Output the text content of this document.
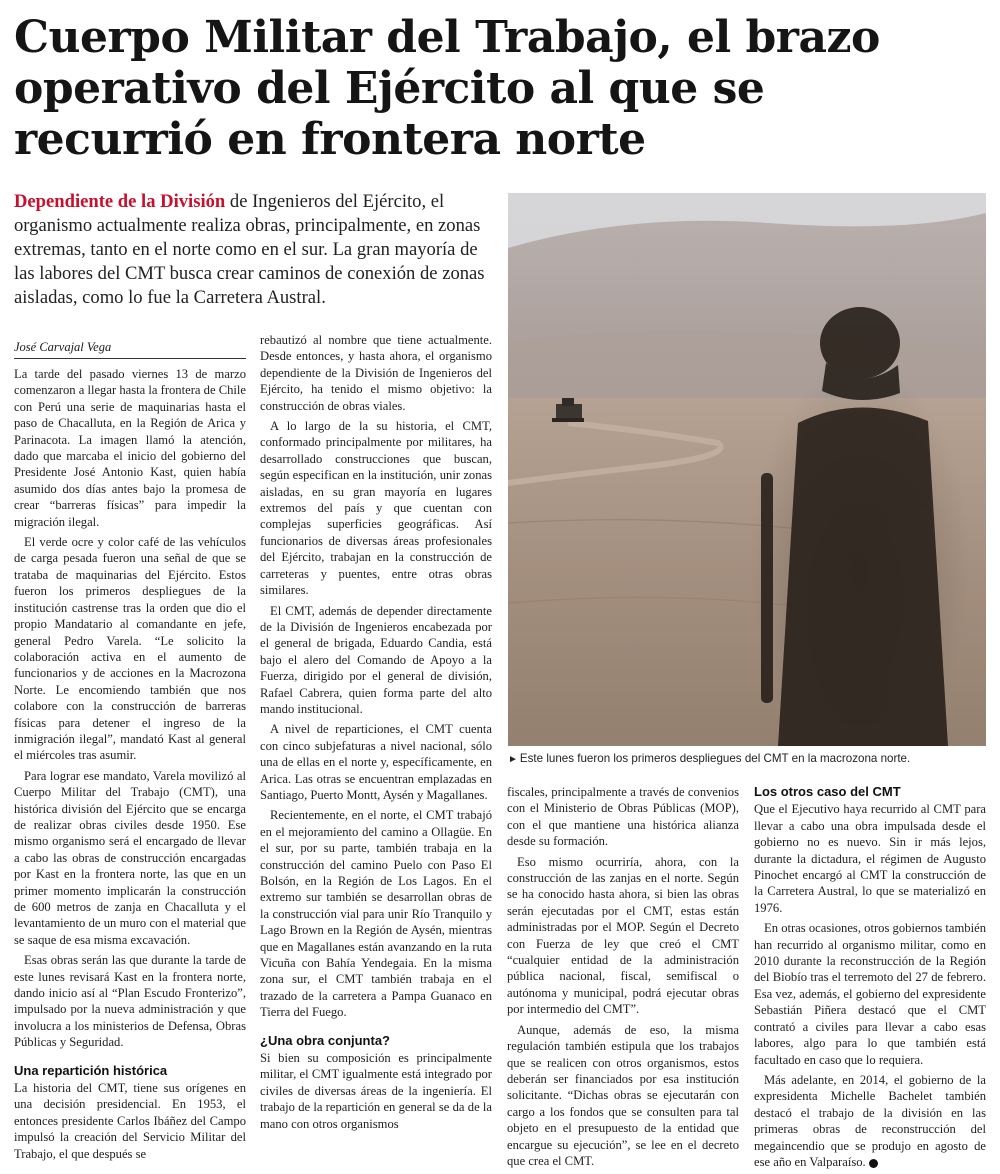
Cuerpo Militar del Trabajo, el brazo operativo del Ejército al que se recurrió en frontera norte
Dependiente de la División de Ingenieros del Ejército, el organismo actualmente realiza obras, principalmente, en zonas extremas, tanto en el norte como en el sur. La gran mayoría de las labores del CMT busca crear caminos de conexión de zonas aisladas, como lo fue la Carretera Austral.
► Este lunes fueron los primeros despliegues del CMT en la macrozona norte.
José Carvajal Vega

La tarde del pasado viernes 13 de marzo comenzaron a llegar hasta la frontera de Chile con Perú una serie de maquinarias hasta el paso de Chacalluta, en la Región de Arica y Parinacota. La imagen llamó la atención, dado que marcaba el inicio del gobierno del Presidente José Antonio Kast, quien había asumido dos días antes bajo la promesa de crear “barreras físicas” para impedir la migración ilegal.

El verde ocre y color café de las vehículos de carga pesada fueron una señal de que se trataba de maquinarias del Ejército. Estos fueron los primeros despliegues de la institución castrense tras la orden que dio el propio Mandatario al comandante en jefe, general Pedro Varela. “Le solicito la colaboración activa en el aumento de funcionarios y de acciones en la Macrozona Norte. Le encomiendo también que nos colabore con la construcción de barreras físicas para detener el ingreso de la inmigración ilegal”, mandató Kast al general el miércoles tras asumir.

Para lograr ese mandato, Varela movilizó al Cuerpo Militar del Trabajo (CMT), una histórica división del Ejército que se encarga de realizar obras civiles desde 1950. Ese mismo organismo será el encargado de llevar a cabo las obras de construcción encargadas por Kast en la frontera norte, las que en un primer momento implicarán la construcción de 600 metros de zanja en Chacalluta y el levantamiento de un muro con el material que se saque de esa misma excavación.

Esas obras serán las que durante la tarde de este lunes revisará Kast en la frontera norte, dando inicio así al “Plan Escudo Fronterizo”, impulsado por la nueva administración y que involucra a los ministerios de Defensa, Obras Públicas y Seguridad.

Una repartición histórica

La historia del CMT, tiene sus orígenes en una decisión presidencial. En 1953, el entonces presidente Carlos Ibáñez del Campo impulsó la creación del Servicio Militar del Trabajo, el que después se

rebautizó al nombre que tiene actualmente. Desde entonces, y hasta ahora, el organismo dependiente de la División de Ingenieros del Ejército, ha tenido el mismo objetivo: la construcción de obras viales.

A lo largo de la su historia, el CMT, conformado principalmente por militares, ha desarrollado construcciones que buscan, según especifican en la institución, unir zonas aisladas, en su gran mayoría en lugares extremos del país y que cuentan con complejas superficies geográficas. Así funcionarios de diversas áreas profesionales del Ejército, trabajan en la construcción de carreteras y puentes, entre otras obras similares.

El CMT, además de depender directamente de la División de Ingenieros encabezada por el general de brigada, Eduardo Candia, está bajo el alero del Comando de Apoyo a la Fuerza, dirigido por el general de división, Rafael Cabrera, quien forma parte del alto mando institucional.

A nivel de reparticiones, el CMT cuenta con cinco subjefaturas a nivel nacional, sólo una de ellas en el norte y, específicamente, en Arica. Las otras se encuentran emplazadas en Santiago, Puerto Montt, Aysén y Magallanes.

Recientemente, en el norte, el CMT trabajó en el mejoramiento del camino a Ollagüe. En el sur, por su parte, también trabaja en la construcción del camino Puelo con Paso El Bolsón, en la Región de Los Lagos. En el extremo sur también se desarrollan obras de la construcción vial para unir Río Tranquilo y Lago Brown en la Región de Aysén, mientras que en Magallanes están avanzando en la ruta Vicuña con Bahía Yendegaia. En la misma zona sur, el CMT también trabaja en el trazado de la carretera a Pampa Guanaco en Tierra del Fuego.

¿Una obra conjunta?

Si bien su composición es principalmente militar, el CMT igualmente está integrado por civiles de diversas áreas de la ingeniería. El trabajo de la repartición en general se da de la mano con otros organismos

fiscales, principalmente a través de convenios con el Ministerio de Obras Públicas (MOP), con el que mantiene una histórica alianza desde su formación.

Eso mismo ocurriría, ahora, con la construcción de las zanjas en el norte. Según se ha conocido hasta ahora, si bien las obras serán ejecutadas por el CMT, estas están administradas por el MOP. Según el Decreto con Fuerza de ley que creó el CMT “cualquier entidad de la administración pública nacional, fiscal, semifiscal o autónoma y municipal, podrá ejecutar obras por intermedio del CMT”.

Aunque, además de eso, la misma regulación también estipula que los trabajos que se realicen con otros organismos, estos deberán ser financiados por esa institución solicitante. “Dichas obras se ejecutarán con cargo a los fondos que se consulten para tal objeto en el presupuesto de la entidad que encargue su ejecución”, se lee en el decreto que crea el CMT.

Los otros caso del CMT

Que el Ejecutivo haya recurrido al CMT para llevar a cabo una obra impulsada desde el gobierno no es nuevo. Sin ir más lejos, durante la dictadura, el régimen de Augusto Pinochet encargó al CMT la construcción de la Carretera Austral, lo que se materializó en 1976.

En otras ocasiones, otros gobiernos también han recurrido al organismo militar, como en 2010 durante la reconstrucción de la Región del Biobío tras el terremoto del 27 de febrero. Esa vez, además, el gobierno del expresidente Sebastián Piñera destacó que el CMT contrató a civiles para llevar a cabo esas labores, algo para lo que también está facultado en caso que lo requiera.

Más adelante, en 2014, el gobierno de la expresidenta Michelle Bachelet también destacó el trabajo de la división en las primeras obras de reconstrucción del megaincendio que se produjo en agosto de ese año en Valparaíso.
